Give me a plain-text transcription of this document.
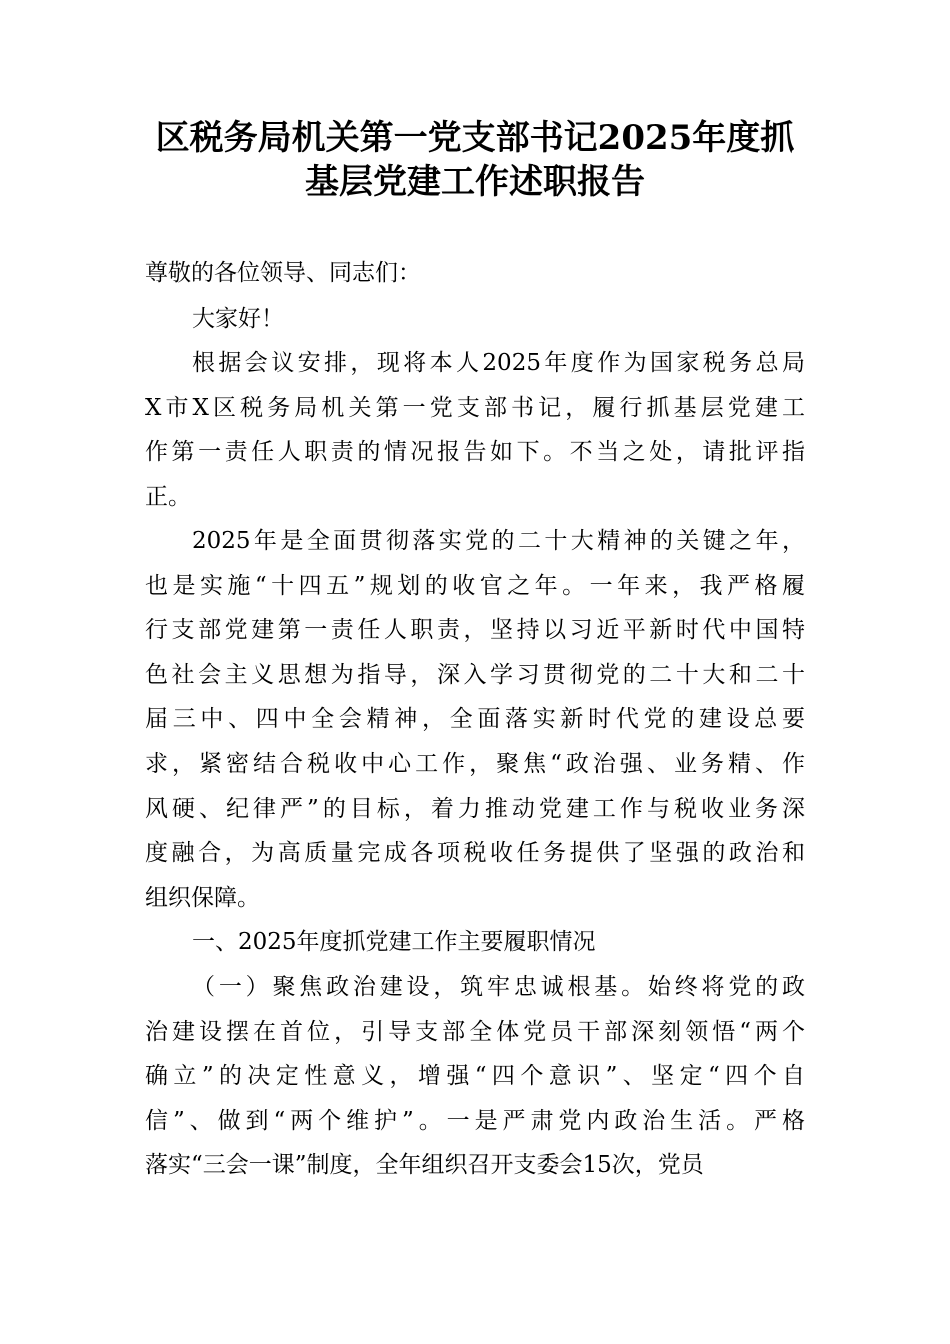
区税务局机关第一党支部书记2025年度抓
基层党建工作述职报告
尊敬的各位领导、同志们：
大家好！
根据会议安排，现将本人2025年度作为国家税务总局
X市X区税务局机关第一党支部书记，履行抓基层党建工
作第一责任人职责的情况报告如下。不当之处，请批评指
正。
2025年是全面贯彻落实党的二十大精神的关键之年，
也是实施“十四五”规划的收官之年。一年来，我严格履
行支部党建第一责任人职责，坚持以习近平新时代中国特
色社会主义思想为指导，深入学习贯彻党的二十大和二十
届三中、四中全会精神，全面落实新时代党的建设总要
求，紧密结合税收中心工作，聚焦“政治强、业务精、作
风硬、纪律严”的目标，着力推动党建工作与税收业务深
度融合，为高质量完成各项税收任务提供了坚强的政治和
组织保障。
（一）聚焦政治建设，筑牢忠诚根基。始终将党的政
治建设摆在首位，引导支部全体党员干部深刻领悟“两个
确立”的决定性意义，增强“四个意识”、坚定“四个自
信”、做到“两个维护”。一是严肃党内政治生活。严格
落实“三会一课”制度，全年组织召开支委会15次，党员
一、2025年度抓党建工作主要履职情况
